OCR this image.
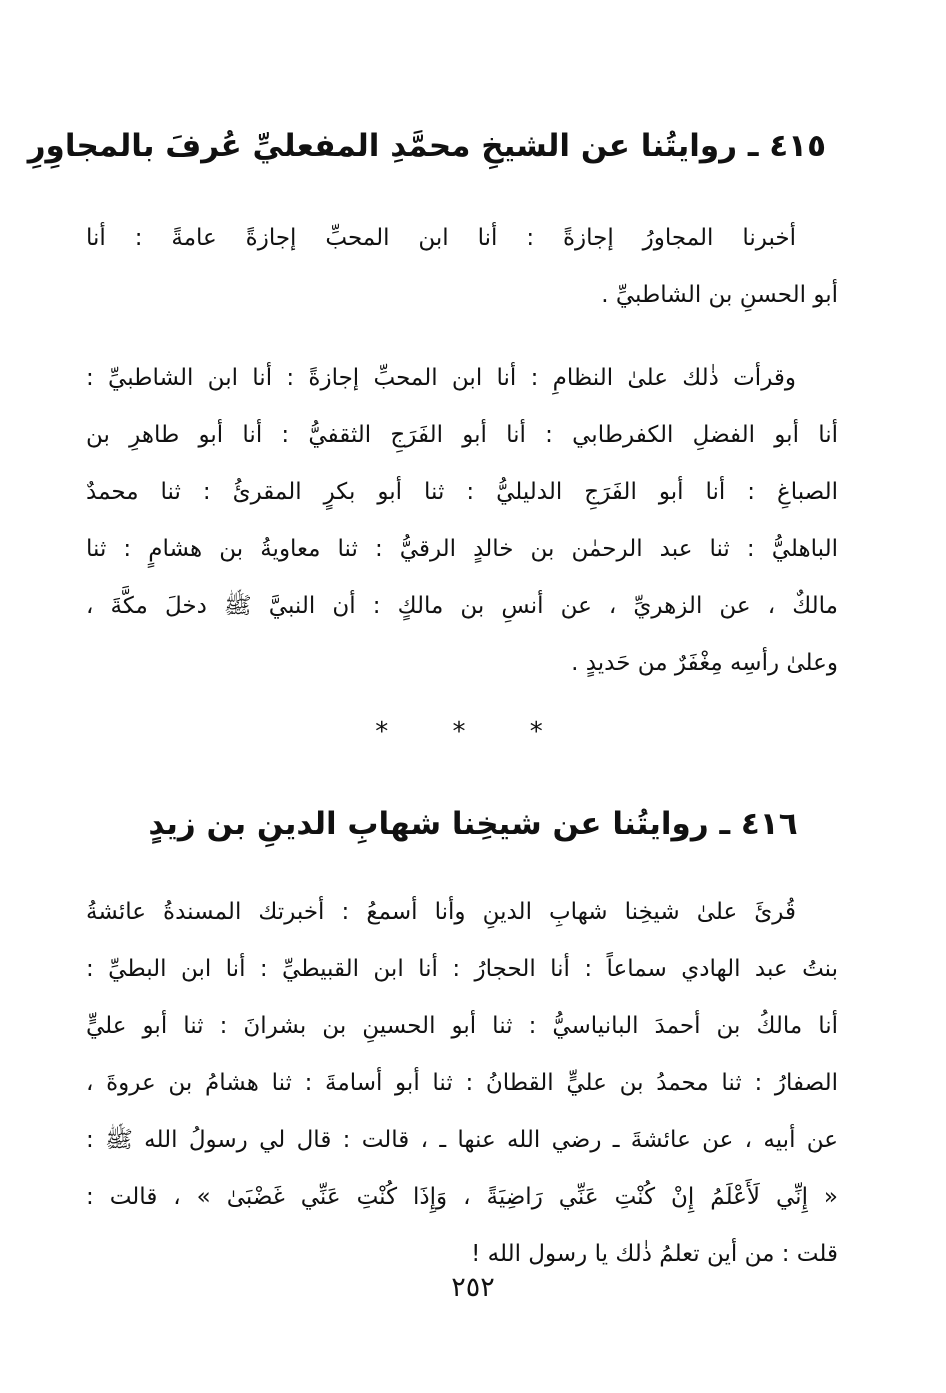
٤١٥ ـ روايتُنا عن الشيخِ محمَّدِ المفعليِّ عُرفَ بالمجاوِرِ
أخبرنا المجاورُ إجازةً : أنا ابن المحبِّ إجازةً عامةً : أنا
أبو الحسنِ بن الشاطبيِّ .
وقرأت ذٰلك علىٰ النظامِ : أنا ابن المحبِّ إجازةً : أنا ابن الشاطبيِّ :
أنا أبو الفضلِ الكفرطابي : أنا أبو الفَرَجِ الثقفيُّ : أنا أبو طاهرِ بن
الصباغِ : أنا أبو الفَرَجِ الدليليُّ : ثنا أبو بكرٍ المقرئُ : ثنا محمدٌ
الباهليُّ : ثنا عبد الرحمٰن بن خالدٍ الرقيُّ : ثنا معاويةُ بن هشامٍ : ثنا
مالكٌ ، عن الزهريِّ ، عن أنسِ بن مالكٍ : أن النبيَّ ﷺ دخلَ مكَّةَ ،
وعلىٰ رأسِه مِغْفَرٌ من حَديدٍ .
* * *
٤١٦ ـ روايتُنا عن شيخِنا شهابِ الدينِ بن زيدٍ
قُرئَ علىٰ شيخِنا شهابِ الدينِ وأنا أسمعُ : أخبرتك المسندةُ عائشةُ
بنتُ عبد الهادي سماعاً : أنا الحجارُ : أنا ابن القبيطيِّ : أنا ابن البطيِّ :
أنا مالكُ بن أحمدَ البانياسيُّ : ثنا أبو الحسينِ بن بشرانَ : ثنا أبو عليٍّ
الصفارُ : ثنا محمدُ بن عليٍّ القطانُ : ثنا أبو أسامةَ : ثنا هشامُ بن عروةَ ،
عن أبيه ، عن عائشةَ ـ رضي الله عنها ـ ، قالت : قال لي رسولُ الله ﷺ :
« إِنِّي لَأَعْلَمُ إِنْ كُنْتِ عَنِّي رَاضِيَةً ، وَإِذَا كُنْتِ عَنِّي غَضْبَىٰ » ، قالت :
قلت : من أين تعلمُ ذٰلك يا رسول الله !
٢٥٢
